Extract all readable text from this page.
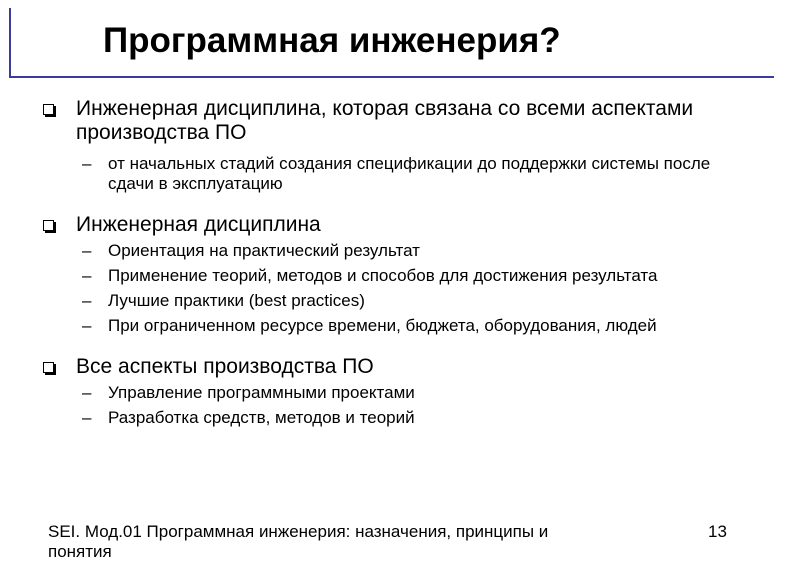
Программная инженерия?
Инженерная дисциплина, которая связана со всеми аспектами производства ПО
– от начальных стадий создания спецификации до поддержки системы после сдачи в эксплуатацию
Инженерная дисциплина
– Ориентация на практический результат
– Применение теорий, методов и способов для достижения результата
– Лучшие практики (best practices)
– При ограниченном ресурсе времени, бюджета, оборудования, людей
Все аспекты производства ПО
– Управление программными проектами
– Разработка средств, методов и теорий
SEI. Мод.01 Программная инженерия: назначения, принципы и понятия
13
